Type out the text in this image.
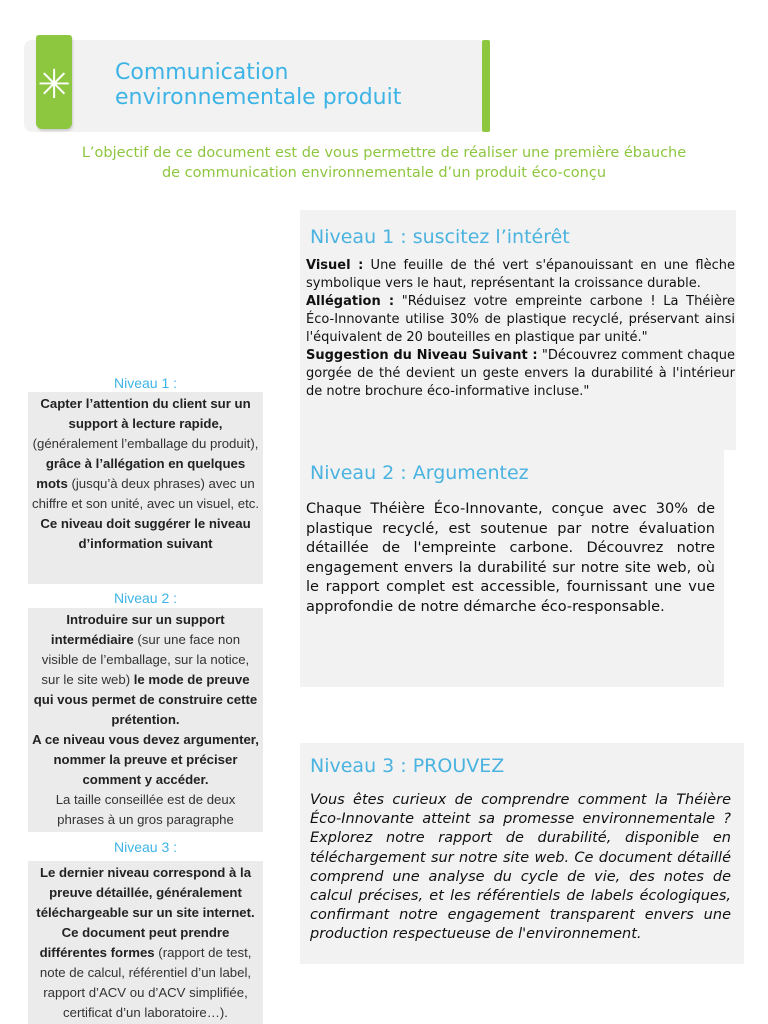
✳ Communication
environnementale produit
L’objectif de ce document est de vous permettre de réaliser une première ébauche
de communication environnementale d’un produit éco-conçu
Niveau 1 :

Capter l’attention du client sur un support à lecture rapide, (généralement l’emballage du produit), grâce à l’allégation en quelques mots (jusqu’à deux phrases) avec un chiffre et son unité, avec un visuel, etc.

Ce niveau doit suggérer le niveau d’information suivant

Niveau 2 :

Introduire sur un support intermédiaire (sur une face non visible de l’emballage, sur la notice, sur le site web) le mode de preuve qui vous permet de construire cette prétention.

A ce niveau vous devez argumenter, nommer la preuve et préciser comment y accéder.

La taille conseillée est de deux phrases à un gros paragraphe

Niveau 3 :

Le dernier niveau correspond à la preuve détaillée, généralement téléchargeable sur un site internet.

Ce document peut prendre différentes formes (rapport de test, note de calcul, référentiel d’un label, rapport d’ACV ou d’ACV simplifiée, certificat d’un laboratoire…).

Niveau 1 : suscitez l’intérêt

Visuel : Une feuille de thé vert s'épanouissant en une flèche symbolique vers le haut, représentant la croissance durable.

Allégation : "Réduisez votre empreinte carbone ! La Théière Éco-Innovante utilise 30% de plastique recyclé, préservant ainsi l'équivalent de 20 bouteilles en plastique par unité."

Suggestion du Niveau Suivant : "Découvrez comment chaque gorgée de thé devient un geste envers la durabilité à l'intérieur de notre brochure éco-informative incluse."

Niveau 2 : Argumentez

Chaque Théière Éco-Innovante, conçue avec 30% de plastique recyclé, est soutenue par notre évaluation détaillée de l'empreinte carbone. Découvrez notre engagement envers la durabilité sur notre site web, où le rapport complet est accessible, fournissant une vue approfondie de notre démarche éco-responsable.

Niveau 3 : PROUVEZ

Vous êtes curieux de comprendre comment la Théière Éco-Innovante atteint sa promesse environnementale ? Explorez notre rapport de durabilité, disponible en téléchargement sur notre site web. Ce document détaillé comprend une analyse du cycle de vie, des notes de calcul précises, et les référentiels de labels écologiques, confirmant notre engagement transparent envers une production respectueuse de l'environnement.
